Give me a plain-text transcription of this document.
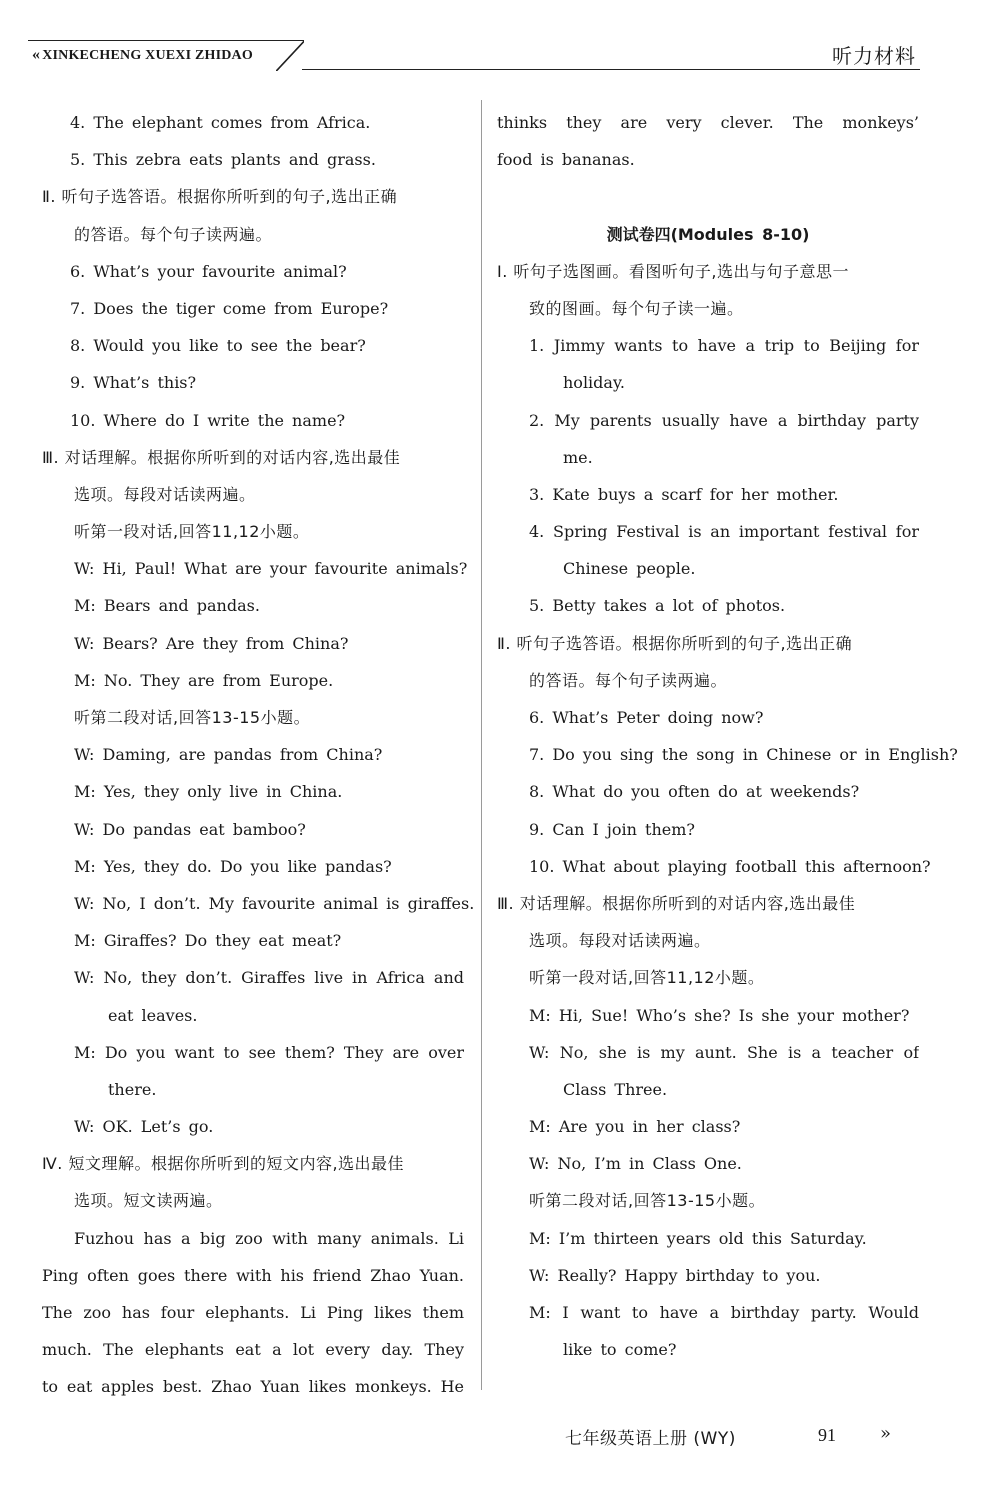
« XINKECHENG XUEXI ZHIDAO	听力材料
4. The elephant comes from Africa.
5. This zebra eats plants and grass.
Ⅱ. 听句子选答语。根据你所听到的句子,选出正确
的答语。每个句子读两遍。
6. What’s your favourite animal?
7. Does the tiger come from Europe?
8. Would you like to see the bear?
9. What’s this?
10. Where do I write the name?
Ⅲ. 对话理解。根据你所听到的对话内容,选出最佳
选项。每段对话读两遍。
听第一段对话,回答11,12小题。
W: Hi, Paul! What are your favourite animals?
M: Bears and pandas.
W: Bears? Are they from China?
M: No. They are from Europe.
听第二段对话,回答13-15小题。
W: Daming, are pandas from China?
M: Yes, they only live in China.
W: Do pandas eat bamboo?
M: Yes, they do. Do you like pandas?
W: No, I don’t. My favourite animal is giraffes.
M: Giraffes? Do they eat meat?
W: No, they don’t. Giraffes live in Africa and
eat leaves.
M: Do you want to see them? They are over
there.
W: OK. Let’s go.
Ⅳ. 短文理解。根据你所听到的短文内容,选出最佳
选项。短文读两遍。
Fuzhou has a big zoo with many animals. Li
Ping often goes there with his friend Zhao Yuan.
The zoo has four elephants. Li Ping likes them
much. The elephants eat a lot every day. They
to eat apples best. Zhao Yuan likes monkeys. He
thinks they are very clever. The monkeys’
food is bananas.
测试卷四(Modules 8-10)
Ⅰ. 听句子选图画。看图听句子,选出与句子意思一
致的图画。每个句子读一遍。
1. Jimmy wants to have a trip to Beijing for
holiday.
2. My parents usually have a birthday party
me.
3. Kate buys a scarf for her mother.
4. Spring Festival is an important festival for
Chinese people.
5. Betty takes a lot of photos.
Ⅱ. 听句子选答语。根据你所听到的句子,选出正确
的答语。每个句子读两遍。
6. What’s Peter doing now?
7. Do you sing the song in Chinese or in English?
8. What do you often do at weekends?
9. Can I join them?
10. What about playing football this afternoon?
Ⅲ. 对话理解。根据你所听到的对话内容,选出最佳
选项。每段对话读两遍。
听第一段对话,回答11,12小题。
M: Hi, Sue! Who’s she? Is she your mother?
W: No, she is my aunt. She is a teacher of
Class Three.
M: Are you in her class?
W: No, I’m in Class One.
听第二段对话,回答13-15小题。
M: I’m thirteen years old this Saturday.
W: Really? Happy birthday to you.
M: I want to have a birthday party. Would
like to come?
七年级英语上册 (WY)	91 »
